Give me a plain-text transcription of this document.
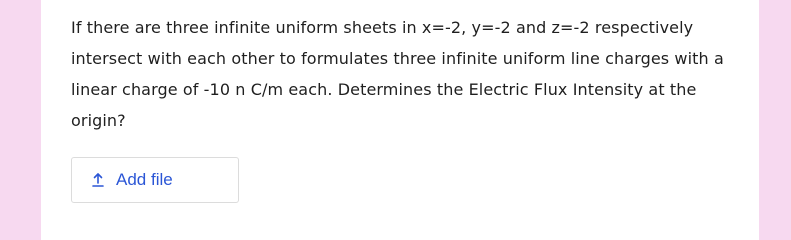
If there are three infinite uniform sheets in x=-2, y=-2 and z=-2 respectively intersect with each other to formulates three infinite uniform line charges with a linear charge of -10 n C/m each. Determines the Electric Flux Intensity at the origin?

Add file
